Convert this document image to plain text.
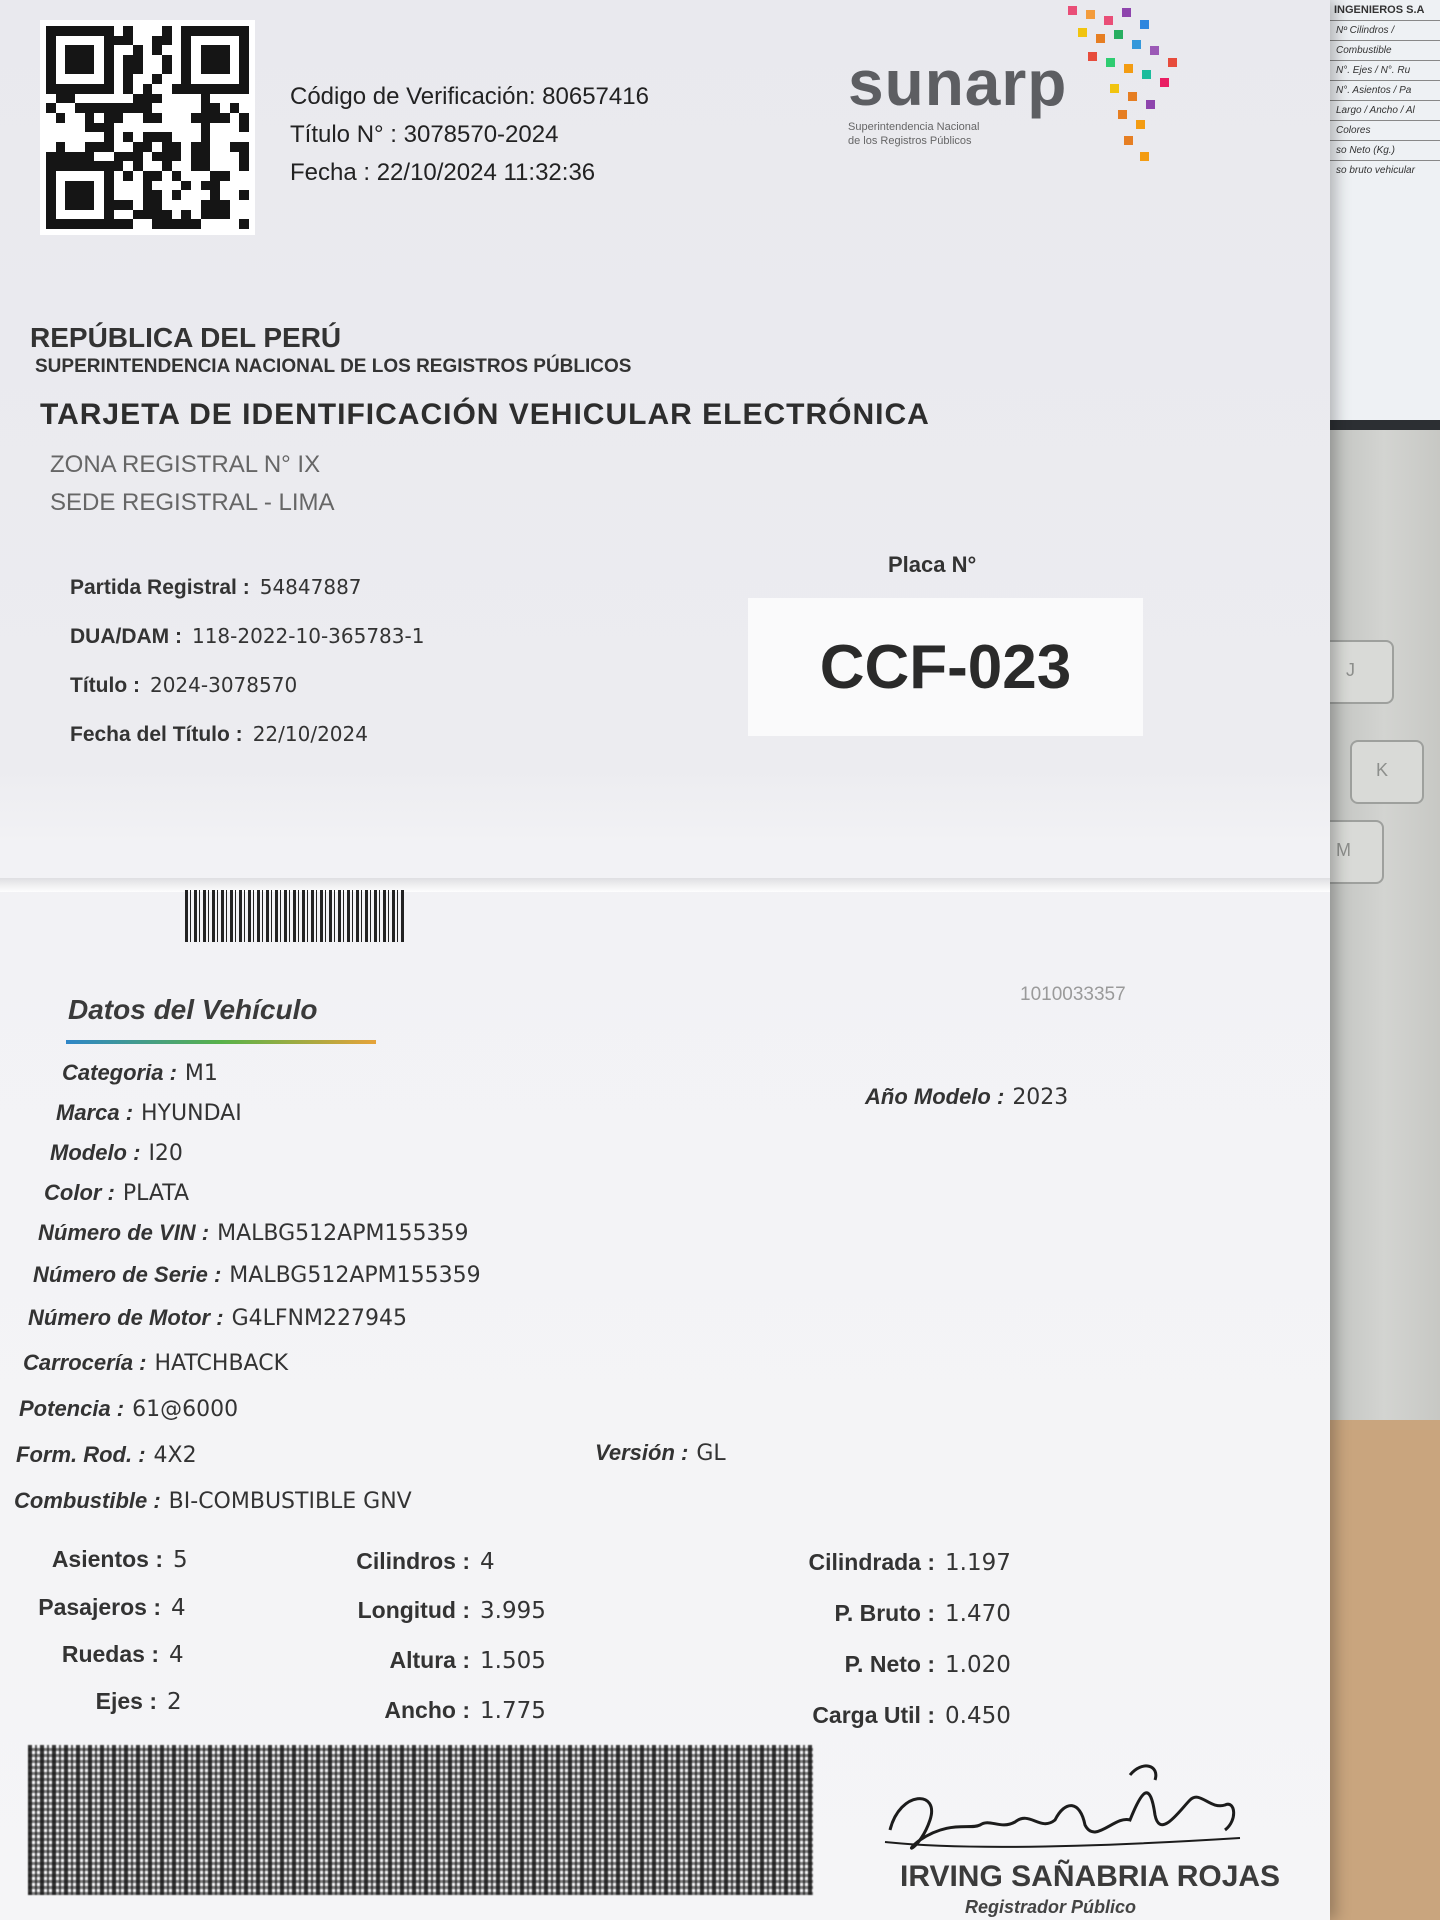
J
K
M
INGENIEROS S.A
Nº Cilindros /
Combustible
N°. Ejes / N°. Ru
N°. Asientos / Pa
Largo / Ancho / Al
Colores
so Neto (Kg.)
so bruto vehicular
Código de Verificación: 80657416
Título N° : 3078570-2024
Fecha : 22/10/2024 11:32:36
sunarp
Superintendencia Nacional
de los Registros Públicos
REPÚBLICA DEL PERÚ
SUPERINTENDENCIA NACIONAL DE LOS REGISTROS PÚBLICOS
TARJETA DE IDENTIFICACIÓN VEHICULAR ELECTRÓNICA
ZONA REGISTRAL N° IX
SEDE REGISTRAL - LIMA
Partida Registral : 54847887
DUA/DAM : 118-2022-10-365783-1
Título : 2024-3078570
Fecha del Título : 22/10/2024
Placa N°
CCF-023
1010033357
Datos del Vehículo
Categoria : M1
Marca : HYUNDAI
Modelo : I20
Color : PLATA
Número de VIN : MALBG512APM155359
Número de Serie : MALBG512APM155359
Número de Motor : G4LFNM227945
Carrocería : HATCHBACK
Potencia : 61@6000
Form. Rod. : 4X2
Combustible : BI-COMBUSTIBLE GNV
Año Modelo : 2023
Versión : GL
Asientos : 5
Pasajeros : 4
Ruedas : 4
Ejes : 2
Cilindros : 4
Longitud : 3.995
Altura : 1.505
Ancho : 1.775
Cilindrada : 1.197
P. Bruto : 1.470
P. Neto : 1.020
Carga Util : 0.450
IRVING SAÑABRIA ROJAS
Registrador Público
